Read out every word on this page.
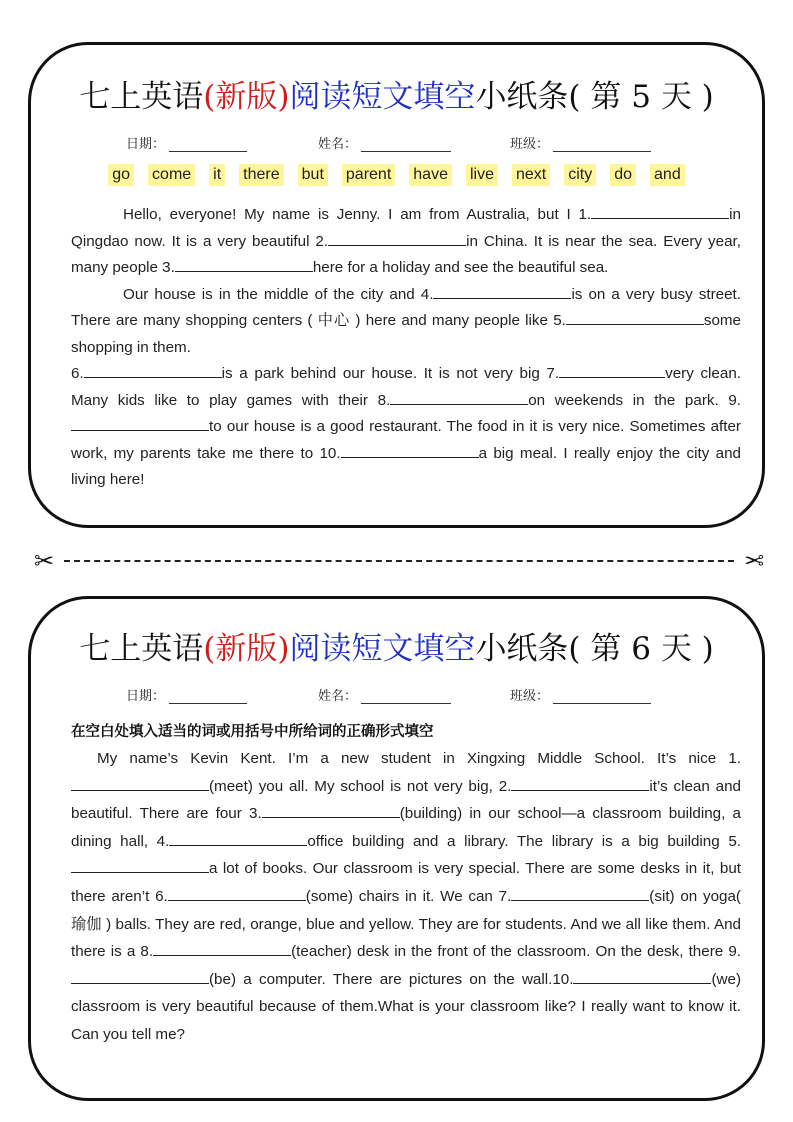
七上英语(新版)阅读短文填空小纸条( 第 5 天 )
日期：	姓名：	班级：
go come it there but parent have live next city do and

Hello, everyone! My name is Jenny. I am from Australia, but I 1.	in Qingdao now. It is a very beautiful 2.	in China. It is near the sea. Every year, many people 3.	here for a holiday and see the beautiful sea.

Our house is in the middle of the city and 4.	is on a very busy street. There are many shopping centers ( 中心 ) here and many people like 5.	some shopping in them.

6.	is a park behind our house. It is not very big 7.	very clean. Many kids like to play games with their 8.	on weekends in the park. 9.to our house is a good restaurant. The food in it is very nice. Sometimes after work, my parents take me there to 10.	a big meal. I really enjoy the city and living here!

✂	✂
七上英语(新版)阅读短文填空小纸条( 第 6 天 )
日期：	姓名：	班级：
在空白处填入适当的词或用括号中所给词的正确形式填空

My name’s Kevin Kent. I’m a new student in Xingxing Middle School. It’s nice 1.(meet) you all. My school is not very big, 2.	it’s clean and beautiful. There are four 3.	(building) in our school—a classroom building, a dining hall, 4.	office building and a library. The library is a big building 5.a lot of books. Our classroom is very special. There are some desks in it, but there aren’t 6.	(some) chairs in it. We can 7.	(sit) on yoga( 瑜伽 ) balls. They are red, orange, blue and yellow. They are for students. And we all like them. And there is a 8.	(teacher) desk in the front of the classroom. On the desk, there 9.(be) a computer. There are pictures on the wall.10.	(we) classroom is very beautiful because of them.What is your classroom like? I really want to know it. Can you tell me?
